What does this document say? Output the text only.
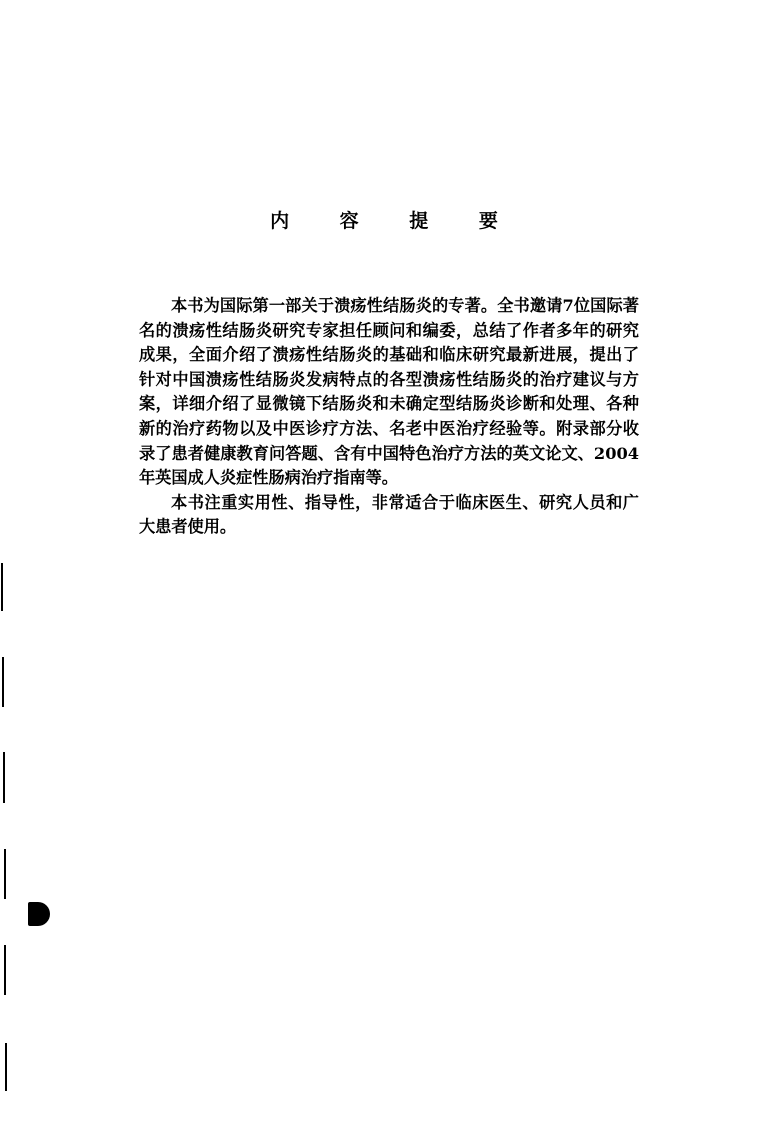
内 容 提 要

本书为国际第一部关于溃疡性结肠炎的专著。全书邀请7位国际著名的溃疡性结肠炎研究专家担任顾问和编委，总结了作者多年的研究成果，全面介绍了溃疡性结肠炎的基础和临床研究最新进展，提出了针对中国溃疡性结肠炎发病特点的各型溃疡性结肠炎的治疗建议与方案，详细介绍了显微镜下结肠炎和未确定型结肠炎诊断和处理、各种新的治疗药物以及中医诊疗方法、名老中医治疗经验等。附录部分收录了患者健康教育问答题、含有中国特色治疗方法的英文论文、2004年英国成人炎症性肠病治疗指南等。

本书注重实用性、指导性，非常适合于临床医生、研究人员和广大患者使用。
